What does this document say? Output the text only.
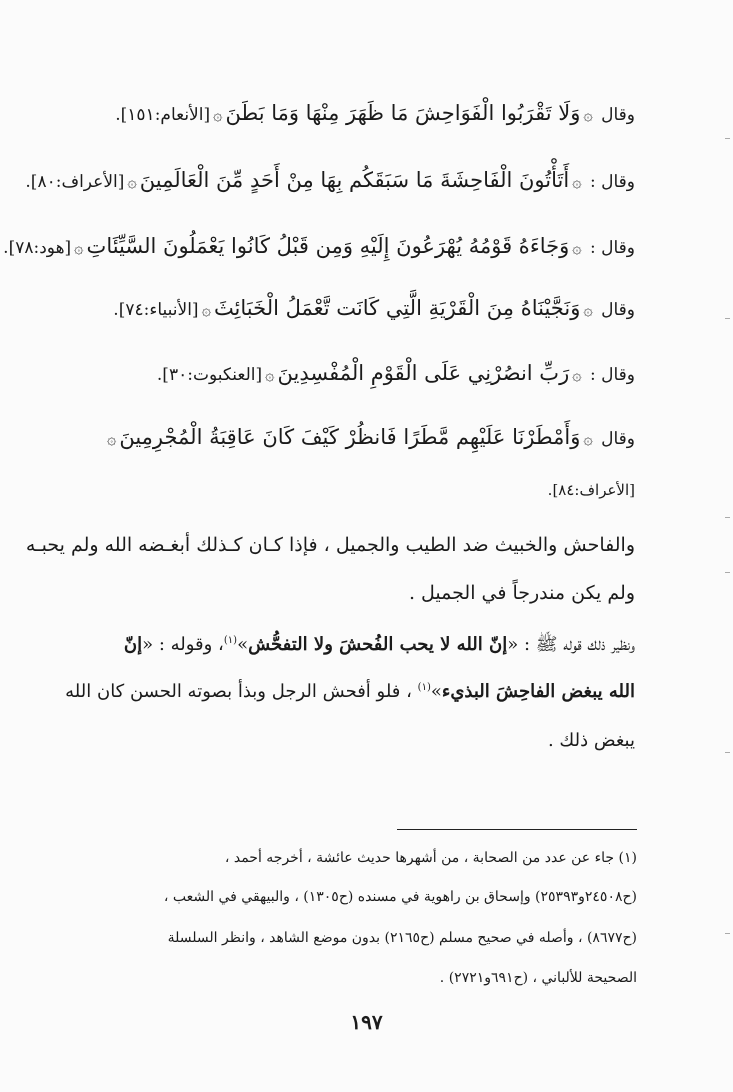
وقال ۞وَلَا تَقْرَبُوا الْفَوَاحِشَ مَا ظَهَرَ مِنْهَا وَمَا بَطَنَ۞[الأنعام:١٥١].
وقال : ۞أَتَأْتُونَ الْفَاحِشَةَ مَا سَبَقَكُم بِهَا مِنْ أَحَدٍ مِّنَ الْعَالَمِينَ۞[الأعراف:٨٠].
وقال : ۞وَجَاءَهُ قَوْمُهُ يُهْرَعُونَ إِلَيْهِ وَمِن قَبْلُ كَانُوا يَعْمَلُونَ السَّيِّئَاتِ۞[هود:٧٨].
وقال ۞وَنَجَّيْنَاهُ مِنَ الْقَرْيَةِ الَّتِي كَانَت تَّعْمَلُ الْخَبَائِثَ۞[الأنبياء:٧٤].
وقال : ۞رَبِّ انصُرْنِي عَلَى الْقَوْمِ الْمُفْسِدِينَ۞[العنكبوت:٣٠].
وقال ۞وَأَمْطَرْنَا عَلَيْهِم مَّطَرًا فَانظُرْ كَيْفَ كَانَ عَاقِبَةُ الْمُجْرِمِينَ۞
[الأعراف:٨٤].
والفاحش والخبيث ضد الطيب والجميل ، فإذا كـان كـذلك أبغـضه الله ولم يحبـه
ولم يكن مندرجاً في الجميل .
ونظير ذلك قوله ﷺ : «إنّ الله لا يحب الفُحشَ ولا التفحُّش»$^{(١)}$، وقوله : «إنّ
الله يبغض الفاحِشَ البذيء»$^{(١)}$ ، فلو أفحش الرجل وبذأ بصوته الحسن كان الله
يبغض ذلك .
(١) جاء عن عدد من الصحابة ، من أشهرها حديث عائشة ، أخرجه أحمد ،
(ح٢٤٥٠٨و٢٥٣٩٣) وإسحاق بن راهوية في مسنده (ح١٣٠٥) ، والبيهقي في الشعب ،
(ح٨٦٧٧) ، وأصله في صحيح مسلم (ح٢١٦٥) بدون موضع الشاهد ، وانظر السلسلة
الصحيحة للألباني ، (ح٦٩١و٢٧٢١) .
١٩٧
